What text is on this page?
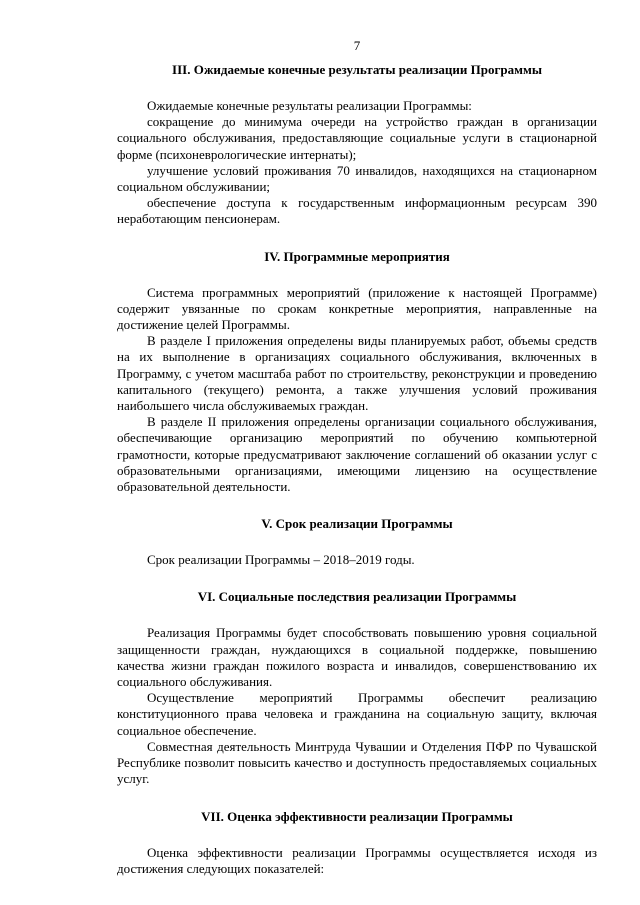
7
III. Ожидаемые конечные результаты реализации Программы

Ожидаемые конечные результаты реализации Программы:

сокращение до минимума очереди на устройство граждан в организации социального обслуживания, предоставляющие социальные услуги в стационарной форме (психоневрологические интернаты);

улучшение условий проживания 70 инвалидов, находящихся на стационарном социальном обслуживании;

обеспечение доступа к государственным информационным ресурсам 390 неработающим пенсионерам.

IV. Программные мероприятия

Система программных мероприятий (приложение к настоящей Программе) содержит увязанные по срокам конкретные мероприятия, направленные на достижение целей Программы.

В разделе I приложения определены виды планируемых работ, объемы средств на их выполнение в организациях социального обслуживания, включенных в Программу, с учетом масштаба работ по строительству, реконструкции и проведению капитального (текущего) ремонта, а также улучшения условий проживания наибольшего числа обслуживаемых граждан.

В разделе II приложения определены организации социального обслуживания, обеспечивающие организацию мероприятий по обучению компьютерной грамотности, которые предусматривают заключение соглашений об оказании услуг с образовательными организациями, имеющими лицензию на осуществление образовательной деятельности.

V. Срок реализации Программы

Срок реализации Программы – 2018–2019 годы.

VI. Социальные последствия реализации Программы

Реализация Программы будет способствовать повышению уровня социальной защищенности граждан, нуждающихся в социальной поддержке, повышению качества жизни граждан пожилого возраста и инвалидов, совершенствованию их социального обслуживания.

Осуществление мероприятий Программы обеспечит реализацию конституционного права человека и гражданина на социальную защиту, включая социальное обеспечение.

Совместная деятельность Минтруда Чувашии и Отделения ПФР по Чувашской Республике позволит повысить качество и доступность предоставляемых социальных услуг.

VII. Оценка эффективности реализации Программы

Оценка эффективности реализации Программы осуществляется исходя из достижения следующих показателей:
